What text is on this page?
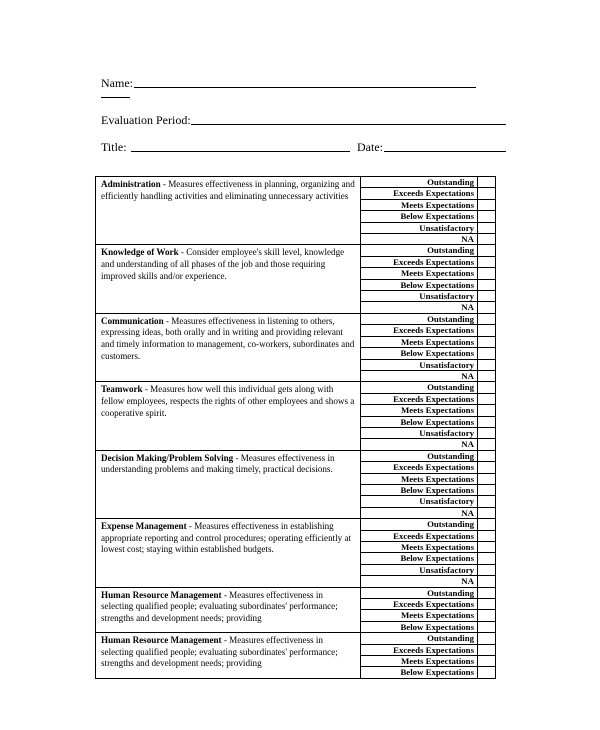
Name:
Evaluation Period:
Title:	Date:
Administration - Measures effectiveness in planning, organizing and efficiently handling activities and eliminating unnecessary activities	Outstanding	
	Exceeds Expectations	
	Meets Expectations	
	Below Expectations	
	Unsatisfactory	
	NA	
Knowledge of Work - Consider employee's skill level, knowledge and understanding of all phases of the job and those requiring improved skills and/or experience.	Outstanding	
	Exceeds Expectations	
	Meets Expectations	
	Below Expectations	
	Unsatisfactory	
	NA	
Communication - Measures effectiveness in listening to others, expressing ideas, both orally and in writing and providing relevant and timely information to management, co-workers, subordinates and customers.	Outstanding	
	Exceeds Expectations	
	Meets Expectations	
	Below Expectations	
	Unsatisfactory	
	NA	
Teamwork - Measures how well this individual gets along with fellow employees, respects the rights of other employees and shows a cooperative spirit.	Outstanding	
	Exceeds Expectations	
	Meets Expectations	
	Below Expectations	
	Unsatisfactory	
	NA	
Decision Making/Problem Solving - Measures effectiveness in understanding problems and making timely, practical decisions.	Outstanding	
	Exceeds Expectations	
	Meets Expectations	
	Below Expectations	
	Unsatisfactory	
	NA	
Expense Management - Measures effectiveness in establishing appropriate reporting and control procedures; operating efficiently at lowest cost; staying within established budgets.	Outstanding	
	Exceeds Expectations	
	Meets Expectations	
	Below Expectations	
	Unsatisfactory	
	NA	
Human Resource Management - Measures effectiveness in selecting qualified people; evaluating subordinates' performance; strengths and development needs; providing	Outstanding	
	Exceeds Expectations	
	Meets Expectations	
	Below Expectations	
Human Resource Management - Measures effectiveness in selecting qualified people; evaluating subordinates' performance; strengths and development needs; providing	Outstanding	
	Exceeds Expectations	
	Meets Expectations	
	Below Expectations	
